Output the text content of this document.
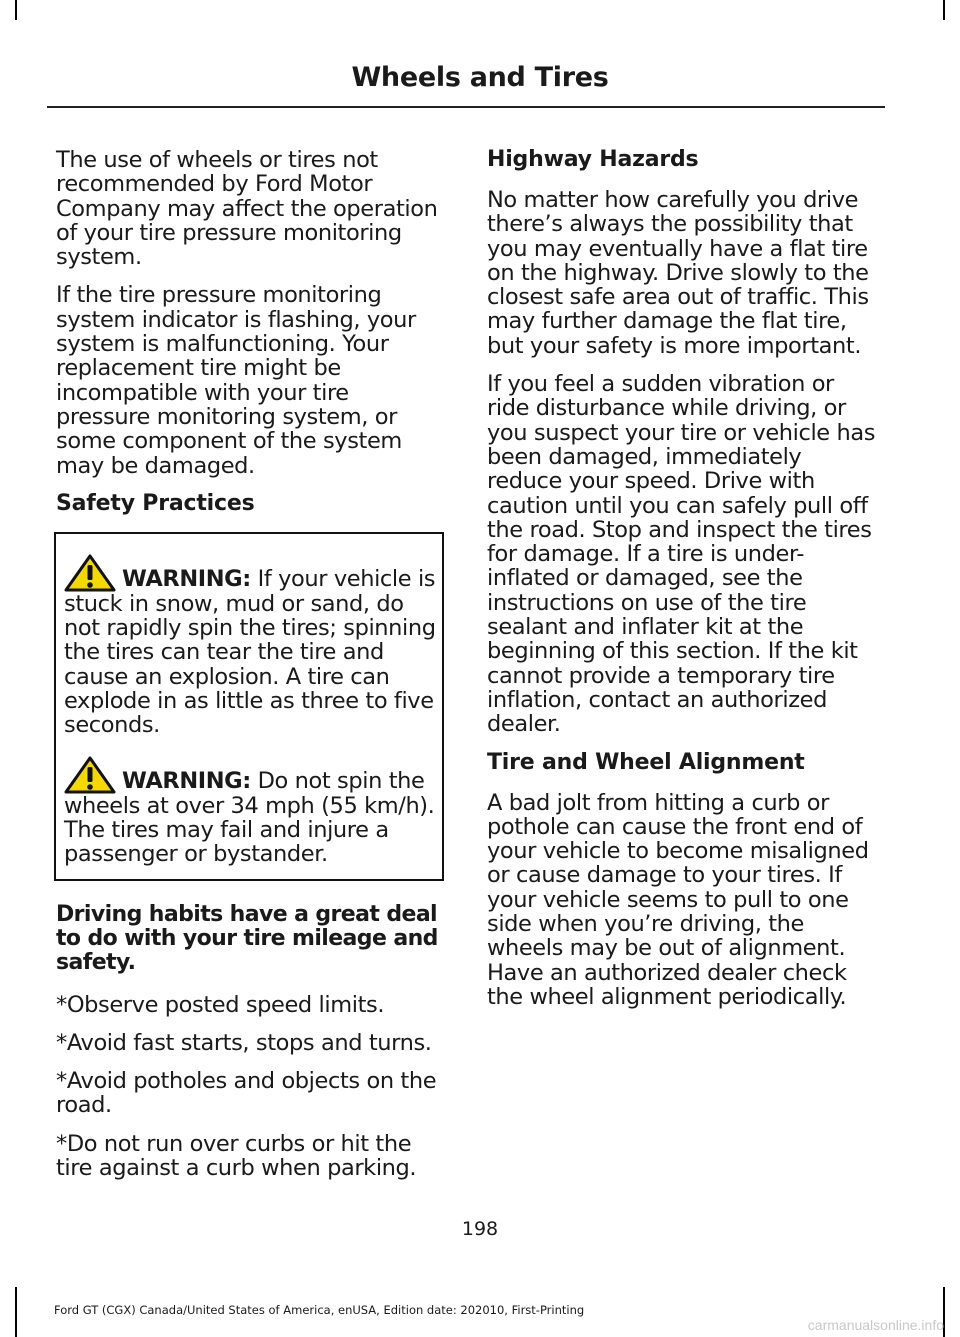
Wheels and Tires

The use of wheels or tires not recommended by Ford Motor Company may affect the operation of your tire pressure monitoring system.

If the tire pressure monitoring system indicator is flashing, your system is malfunctioning. Your replacement tire might be incompatible with your tire pressure monitoring system, or some component of the system may be damaged.

Safety Practices
WARNING: If your vehicle is stuck in snow, mud or sand, do not rapidly spin the tires; spinning the tires can tear the tire and cause an explosion. A tire can explode in as little as three to five seconds.
WARNING: Do not spin the wheels at over 34 mph (55 km/h). The tires may fail and injure a passenger or bystander.
Driving habits have a great deal to do with your tire mileage and safety.

*Observe posted speed limits.

*Avoid fast starts, stops and turns.

*Avoid potholes and objects on the road.

*Do not run over curbs or hit the tire against a curb when parking.

Highway Hazards

No matter how carefully you drive there’s always the possibility that you may eventually have a flat tire on the highway. Drive slowly to the closest safe area out of traffic. This may further damage the flat tire, but your safety is more important.

If you feel a sudden vibration or ride disturbance while driving, or you suspect your tire or vehicle has been damaged, immediately reduce your speed. Drive with caution until you can safely pull off the road. Stop and inspect the tires for damage. If a tire is under-inflated or damaged, see the instructions on use of the tire sealant and inflater kit at the beginning of this section. If the kit cannot provide a temporary tire inflation, contact an authorized dealer.

Tire and Wheel Alignment

A bad jolt from hitting a curb or pothole can cause the front end of your vehicle to become misaligned or cause damage to your tires. If your vehicle seems to pull to one side when you’re driving, the wheels may be out of alignment. Have an authorized dealer check the wheel alignment periodically.

198
Ford GT (CGX) Canada/United States of America, enUSA, Edition date: 202010, First-Printing
carmanualsonline.info
